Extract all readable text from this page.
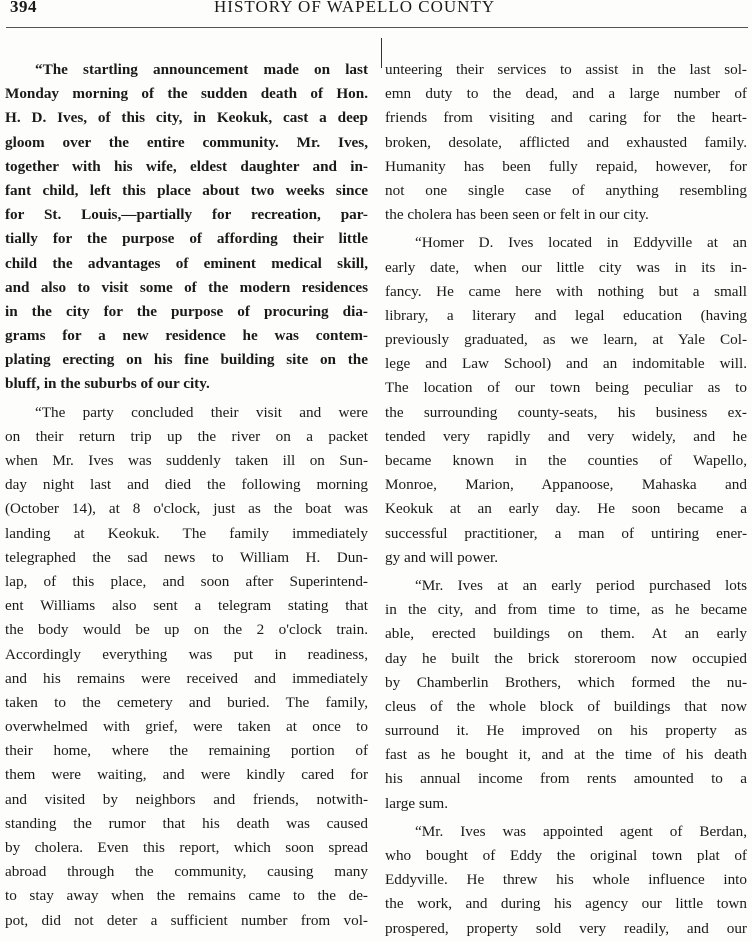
394	HISTORY OF WAPELLO COUNTY
“The startling announcement made on last
Monday morning of the sudden death of Hon.
H. D. Ives, of this city, in Keokuk, cast a deep
gloom over the entire community. Mr. Ives,
together with his wife, eldest daughter and in-
fant child, left this place about two weeks since
for St. Louis,—partially for recreation, par-
tially for the purpose of affording their little
child the advantages of eminent medical skill,
and also to visit some of the modern residences
in the city for the purpose of procuring dia-
grams for a new residence he was contem-
plating erecting on his fine building site on the
bluff, in the suburbs of our city.
“The party concluded their visit and were
on their return trip up the river on a packet
when Mr. Ives was suddenly taken ill on Sun-
day night last and died the following morning
(October 14), at 8 o'clock, just as the boat was
landing at Keokuk. The family immediately
telegraphed the sad news to William H. Dun-
lap, of this place, and soon after Superintend-
ent Williams also sent a telegram stating that
the body would be up on the 2 o'clock train.
Accordingly everything was put in readiness,
and his remains were received and immediately
taken to the cemetery and buried. The family,
overwhelmed with grief, were taken at once to
their home, where the remaining portion of
them were waiting, and were kindly cared for
and visited by neighbors and friends, notwith-
standing the rumor that his death was caused
by cholera. Even this report, which soon spread
abroad through the community, causing many
to stay away when the remains came to the de-
pot, did not deter a sufficient number from vol-
unteering their services to assist in the last sol-
emn duty to the dead, and a large number of
friends from visiting and caring for the heart-
broken, desolate, afflicted and exhausted family.
Humanity has been fully repaid, however, for
not one single case of anything resembling
the cholera has been seen or felt in our city.
“Homer D. Ives located in Eddyville at an
early date, when our little city was in its in-
fancy. He came here with nothing but a small
library, a literary and legal education (having
previously graduated, as we learn, at Yale Col-
lege and Law School) and an indomitable will.
The location of our town being peculiar as to
the surrounding county-seats, his business ex-
tended very rapidly and very widely, and he
became known in the counties of Wapello,
Monroe, Marion, Appanoose, Mahaska and
Keokuk at an early day. He soon became a
successful practitioner, a man of untiring ener-
gy and will power.
“Mr. Ives at an early period purchased lots
in the city, and from time to time, as he became
able, erected buildings on them. At an early
day he built the brick storeroom now occupied
by Chamberlin Brothers, which formed the nu-
cleus of the whole block of buildings that now
surround it. He improved on his property as
fast as he bought it, and at the time of his death
his annual income from rents amounted to a
large sum.
“Mr. Ives was appointed agent of Berdan,
who bought of Eddy the original town plat of
Eddyville. He threw his whole influence into
the work, and during his agency our little town
prospered, property sold very readily, and our
